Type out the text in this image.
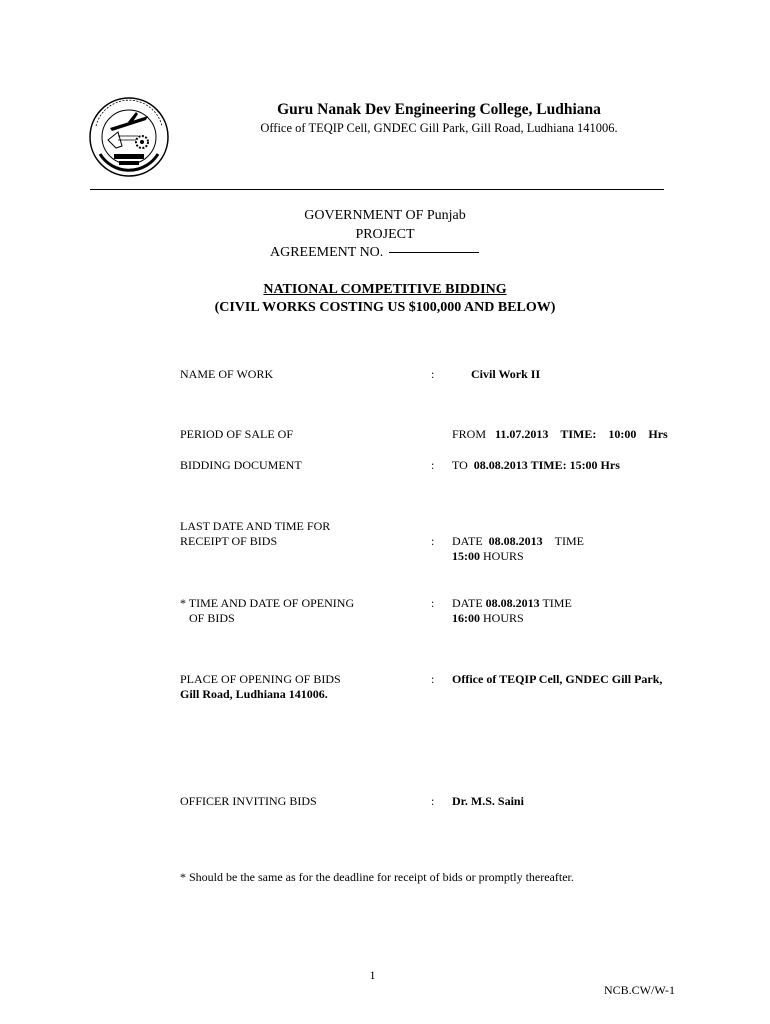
Guru Nanak Dev Engineering College, Ludhiana
Office of TEQIP Cell, GNDEC Gill Park, Gill Road, Ludhiana 141006.
GOVERNMENT OF Punjab
PROJECT
AGREEMENT NO.
NATIONAL COMPETITIVE BIDDING
(CIVIL WORKS COSTING US $100,000 AND BELOW)
NAME OF WORK	:	Civil Work II
PERIOD OF SALE OF	FROM 11.07.2013 TIME: 10:00 Hrs
BIDDING DOCUMENT	: TO 08.08.2013 TIME: 15:00 Hrs
LAST DATE AND TIME FOR
RECEIPT OF BIDS	: DATE 08.08.2013 TIME
15:00 HOURS
* TIME AND DATE OF OPENING
OF BIDS
: DATE 08.08.2013 TIME
16:00 HOURS
PLACE OF OPENING OF BIDS	: Office of TEQIP Cell, GNDEC Gill Park,
Gill Road, Ludhiana 141006.
OFFICER INVITING BIDS	: Dr. M.S. Saini
* Should be the same as for the deadline for receipt of bids or promptly thereafter.
1
NCB.CW/W-1
